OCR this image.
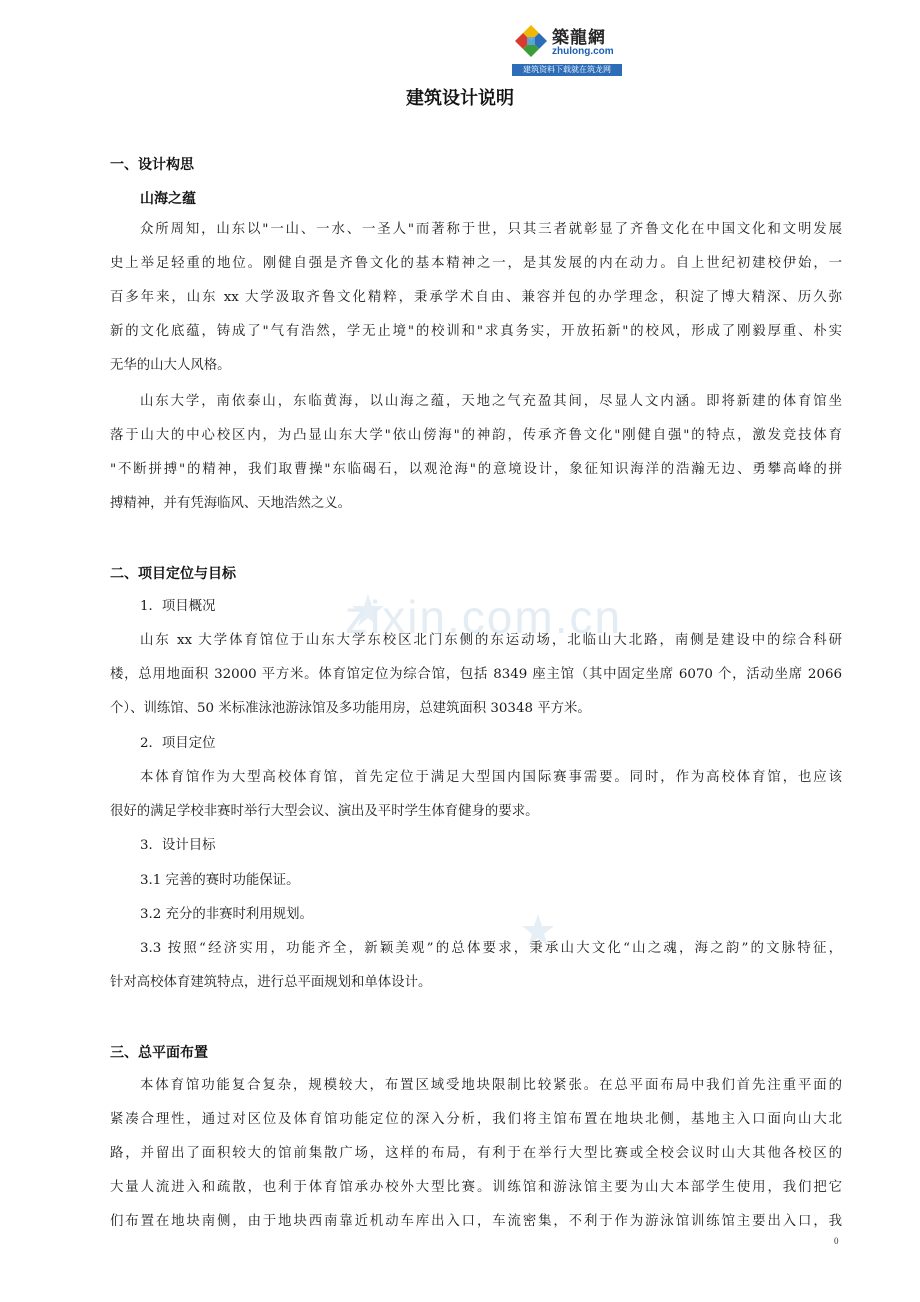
築龍網
zhulong.com
建筑资料下载就在筑龙网
zixin.com.cn
建筑设计说明
一、设计构思
山海之蕴
众所周知，山东以"一山、一水、一圣人"而著称于世，只其三者就彰显了齐鲁文化在中国文化和文明发展
史上举足轻重的地位。刚健自强是齐鲁文化的基本精神之一，是其发展的内在动力。自上世纪初建校伊始，一
百多年来，山东 xx 大学汲取齐鲁文化精粹，秉承学术自由、兼容并包的办学理念，积淀了博大精深、历久弥
新的文化底蕴，铸成了"气有浩然，学无止境"的校训和"求真务实，开放拓新"的校风，形成了刚毅厚重、朴实
无华的山大人风格。
山东大学，南依泰山，东临黄海，以山海之蕴，天地之气充盈其间，尽显人文内涵。即将新建的体育馆坐
落于山大的中心校区内，为凸显山东大学"依山傍海"的神韵，传承齐鲁文化"刚健自强"的特点，激发竞技体育
"不断拼搏"的精神，我们取曹操"东临碣石，以观沧海"的意境设计，象征知识海洋的浩瀚无边、勇攀高峰的拼
搏精神，并有凭海临风、天地浩然之义。
二、项目定位与目标
1．项目概况
山东 xx 大学体育馆位于山东大学东校区北门东侧的东运动场，北临山大北路，南侧是建设中的综合科研
楼，总用地面积 32000 平方米。体育馆定位为综合馆，包括 8349 座主馆（其中固定坐席 6070 个，活动坐席 2066
个）、训练馆、50 米标准泳池游泳馆及多功能用房，总建筑面积 30348 平方米。
2．项目定位
本体育馆作为大型高校体育馆，首先定位于满足大型国内国际赛事需要。同时，作为高校体育馆，也应该
很好的满足学校非赛时举行大型会议、演出及平时学生体育健身的要求。
3．设计目标
3.1 完善的赛时功能保证。
3.2 充分的非赛时利用规划。
3.3 按照“经济实用，功能齐全，新颖美观”的总体要求，秉承山大文化“山之魂，海之韵”的文脉特征，
针对高校体育建筑特点，进行总平面规划和单体设计。
三、总平面布置
本体育馆功能复合复杂，规模较大，布置区域受地块限制比较紧张。在总平面布局中我们首先注重平面的
紧凑合理性，通过对区位及体育馆功能定位的深入分析，我们将主馆布置在地块北侧，基地主入口面向山大北
路，并留出了面积较大的馆前集散广场，这样的布局，有利于在举行大型比赛或全校会议时山大其他各校区的
大量人流进入和疏散，也利于体育馆承办校外大型比赛。训练馆和游泳馆主要为山大本部学生使用，我们把它
们布置在地块南侧，由于地块西南靠近机动车库出入口，车流密集，不利于作为游泳馆训练馆主要出入口，我
0
